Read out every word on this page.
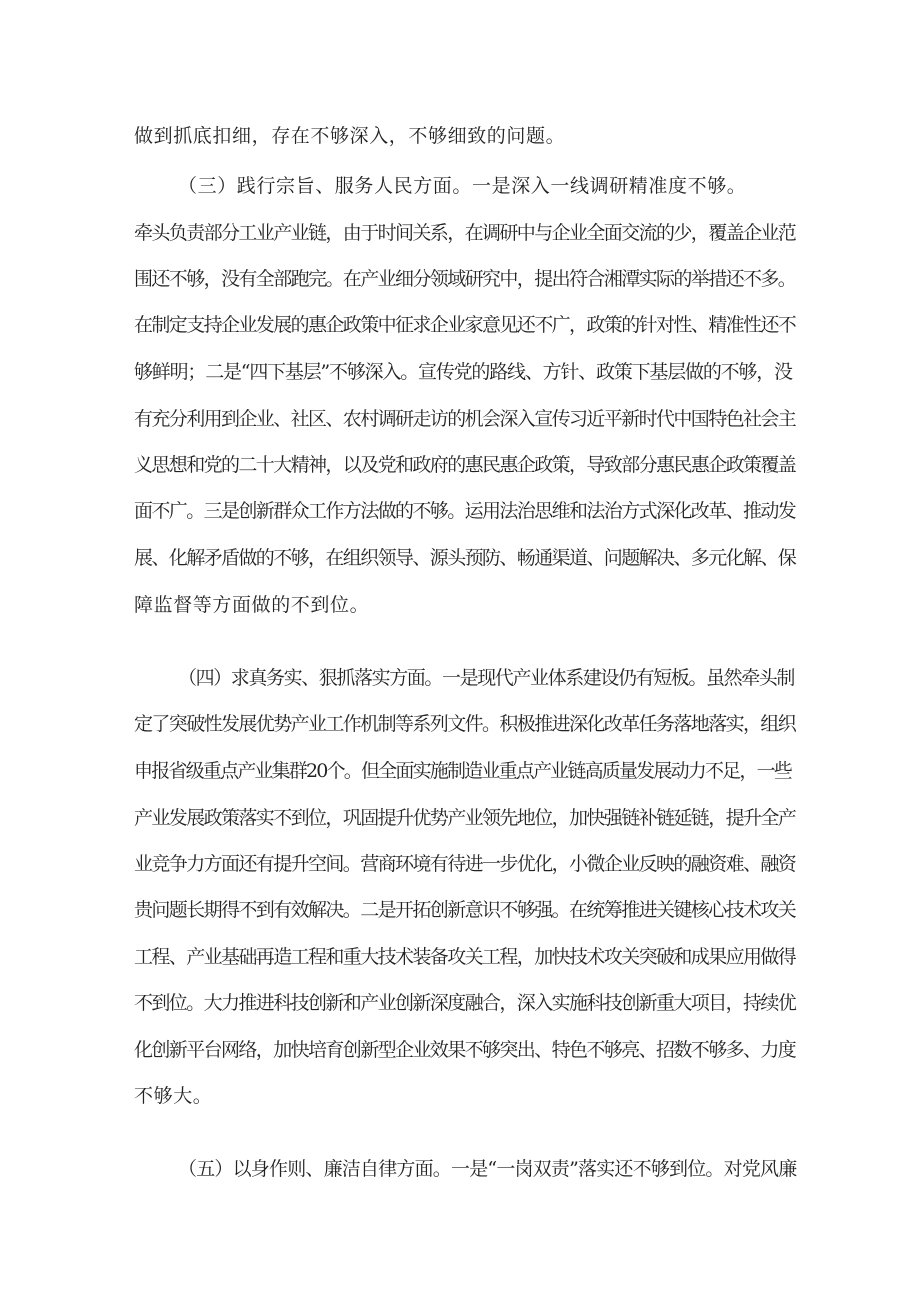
做到抓底扣细，存在不够深入，不够细致的问题。
（三）践行宗旨、服务人民方面。一是深入一线调研精准度不够。
牵头负责部分工业产业链，由于时间关系，在调研中与企业全面交流的少，覆盖企业范
围还不够，没有全部跑完。在产业细分领域研究中，提出符合湘潭实际的举措还不多。
在制定支持企业发展的惠企政策中征求企业家意见还不广，政策的针对性、精准性还不
够鲜明；二是“四下基层”不够深入。宣传党的路线、方针、政策下基层做的不够，没
有充分利用到企业、社区、农村调研走访的机会深入宣传习近平新时代中国特色社会主
义思想和党的二十大精神，以及党和政府的惠民惠企政策，导致部分惠民惠企政策覆盖
面不广。三是创新群众工作方法做的不够。运用法治思维和法治方式深化改革、推动发
展、化解矛盾做的不够，在组织领导、源头预防、畅通渠道、问题解决、多元化解、保
障监督等方面做的不到位。
（四）求真务实、狠抓落实方面。一是现代产业体系建设仍有短板。虽然牵头制
定了突破性发展优势产业工作机制等系列文件。积极推进深化改革任务落地落实，组织
申报省级重点产业集群20个。但全面实施制造业重点产业链高质量发展动力不足，一些
产业发展政策落实不到位，巩固提升优势产业领先地位，加快强链补链延链，提升全产
业竞争力方面还有提升空间。营商环境有待进一步优化，小微企业反映的融资难、融资
贵问题长期得不到有效解决。二是开拓创新意识不够强。在统筹推进关键核心技术攻关
工程、产业基础再造工程和重大技术装备攻关工程，加快技术攻关突破和成果应用做得
不到位。大力推进科技创新和产业创新深度融合，深入实施科技创新重大项目，持续优
化创新平台网络，加快培育创新型企业效果不够突出、特色不够亮、招数不够多、力度
不够大。
（五）以身作则、廉洁自律方面。一是“一岗双责”落实还不够到位。对党风廉
